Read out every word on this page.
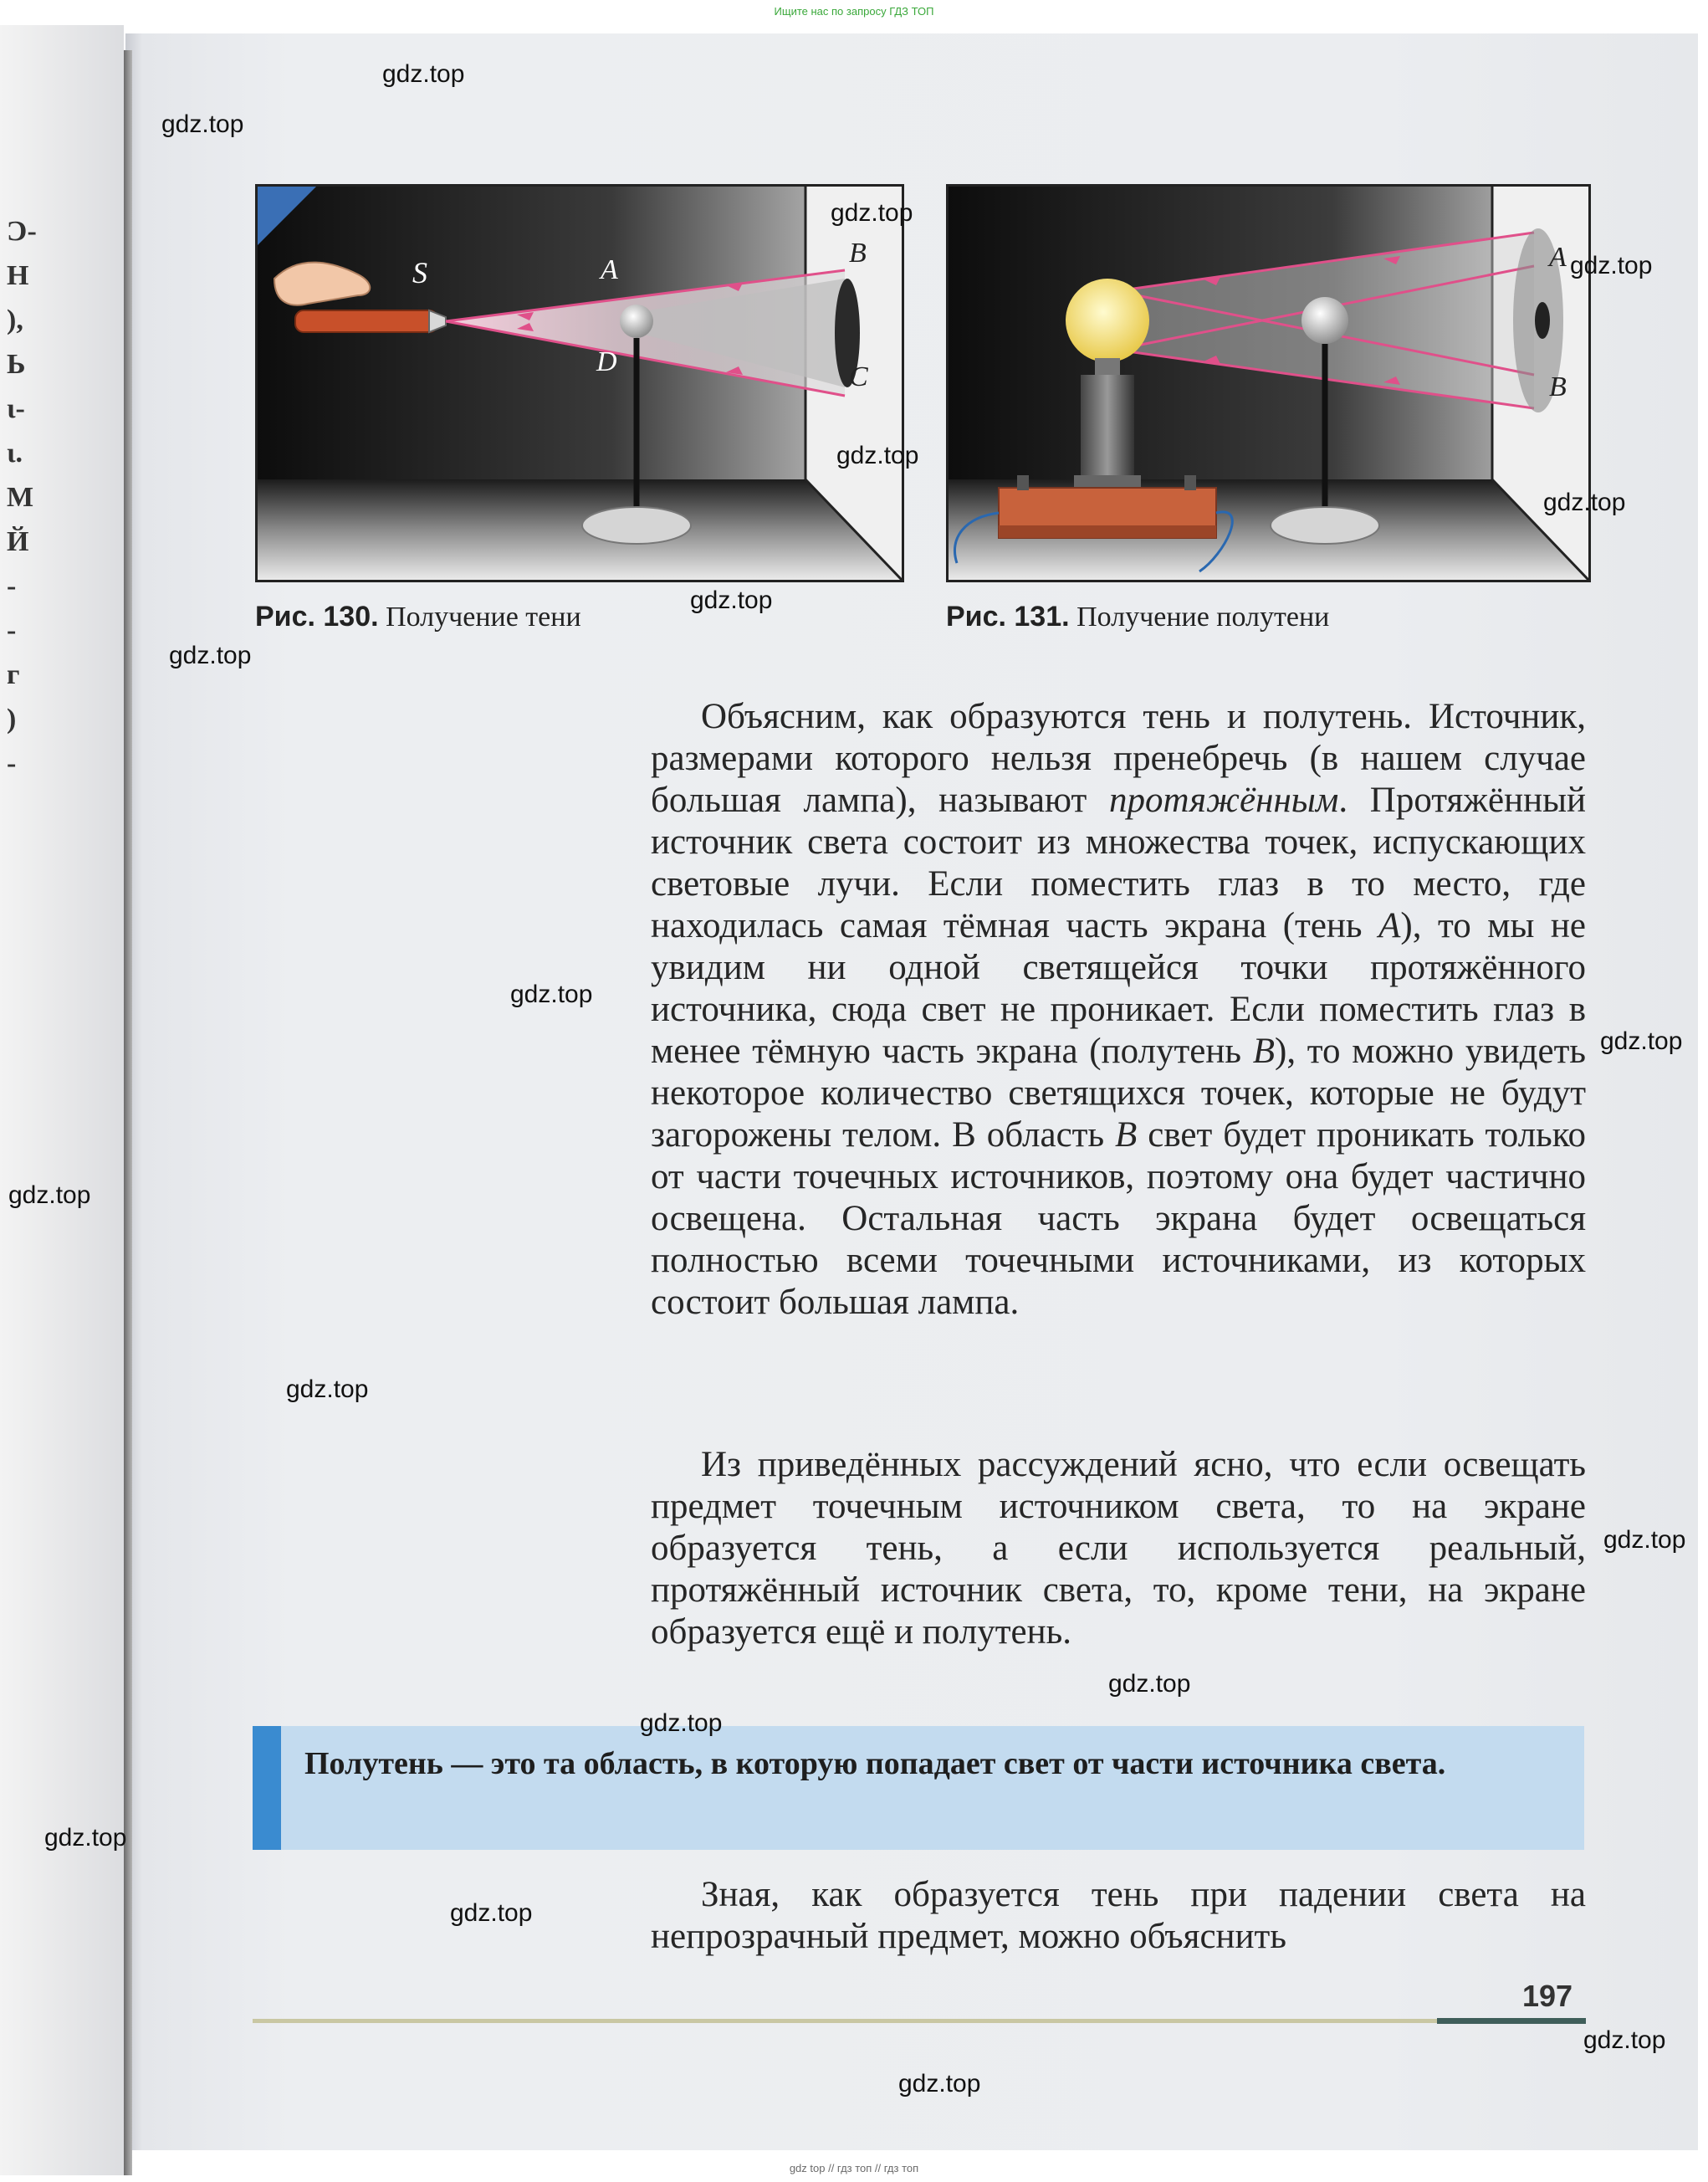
Ͻ-
Н
),
Ь
ι-
ι.
М
Й
-
-
г
)
-
Ищите нас по запросу ГДЗ ТОП
S	A
D
B
C
Рис. 130. Получение тени
A
B
Рис. 131. Получение полутени
Объясним, как образуются тень и полутень. Источник, размерами которого нельзя пренебречь (в нашем случае большая лампа), называют протяжённым. Протяжённый источник света состоит из множества точек, испускающих световые лучи. Если поместить глаз в то место, где находилась самая тёмная часть экрана (тень A), то мы не увидим ни одной светящейся точки протяжённого источника, сюда свет не проникает. Если поместить глаз в менее тёмную часть экрана (полутень B), то можно увидеть некоторое количество светящихся точек, которые не будут загорожены телом. В область B свет будет проникать только от части точечных источников, поэтому она будет частично освещена. Остальная часть экрана будет освещаться полностью всеми точечными источниками, из которых состоит большая лампа.
Из приведённых рассуждений ясно, что если освещать предмет точечным источником света, то на экране образуется тень, а если используется реальный, протяжённый источник света, то, кроме тени, на экране образуется ещё и полутень.
Полутень — это та область, в которую попадает свет от части источника света.
Зная, как образуется тень при падении света на непрозрачный предмет, можно объяснить
197
gdz.top
gdz.top
gdz.top
gdz.top
gdz.top
gdz.top
gdz.top
gdz.top
gdz.top
gdz.top
gdz.top
gdz.top
gdz.top
gdz.top
gdz.top
gdz.top
gdz.top
gdz.top
gdz.top
gdz top // гдз топ // гдз топ
